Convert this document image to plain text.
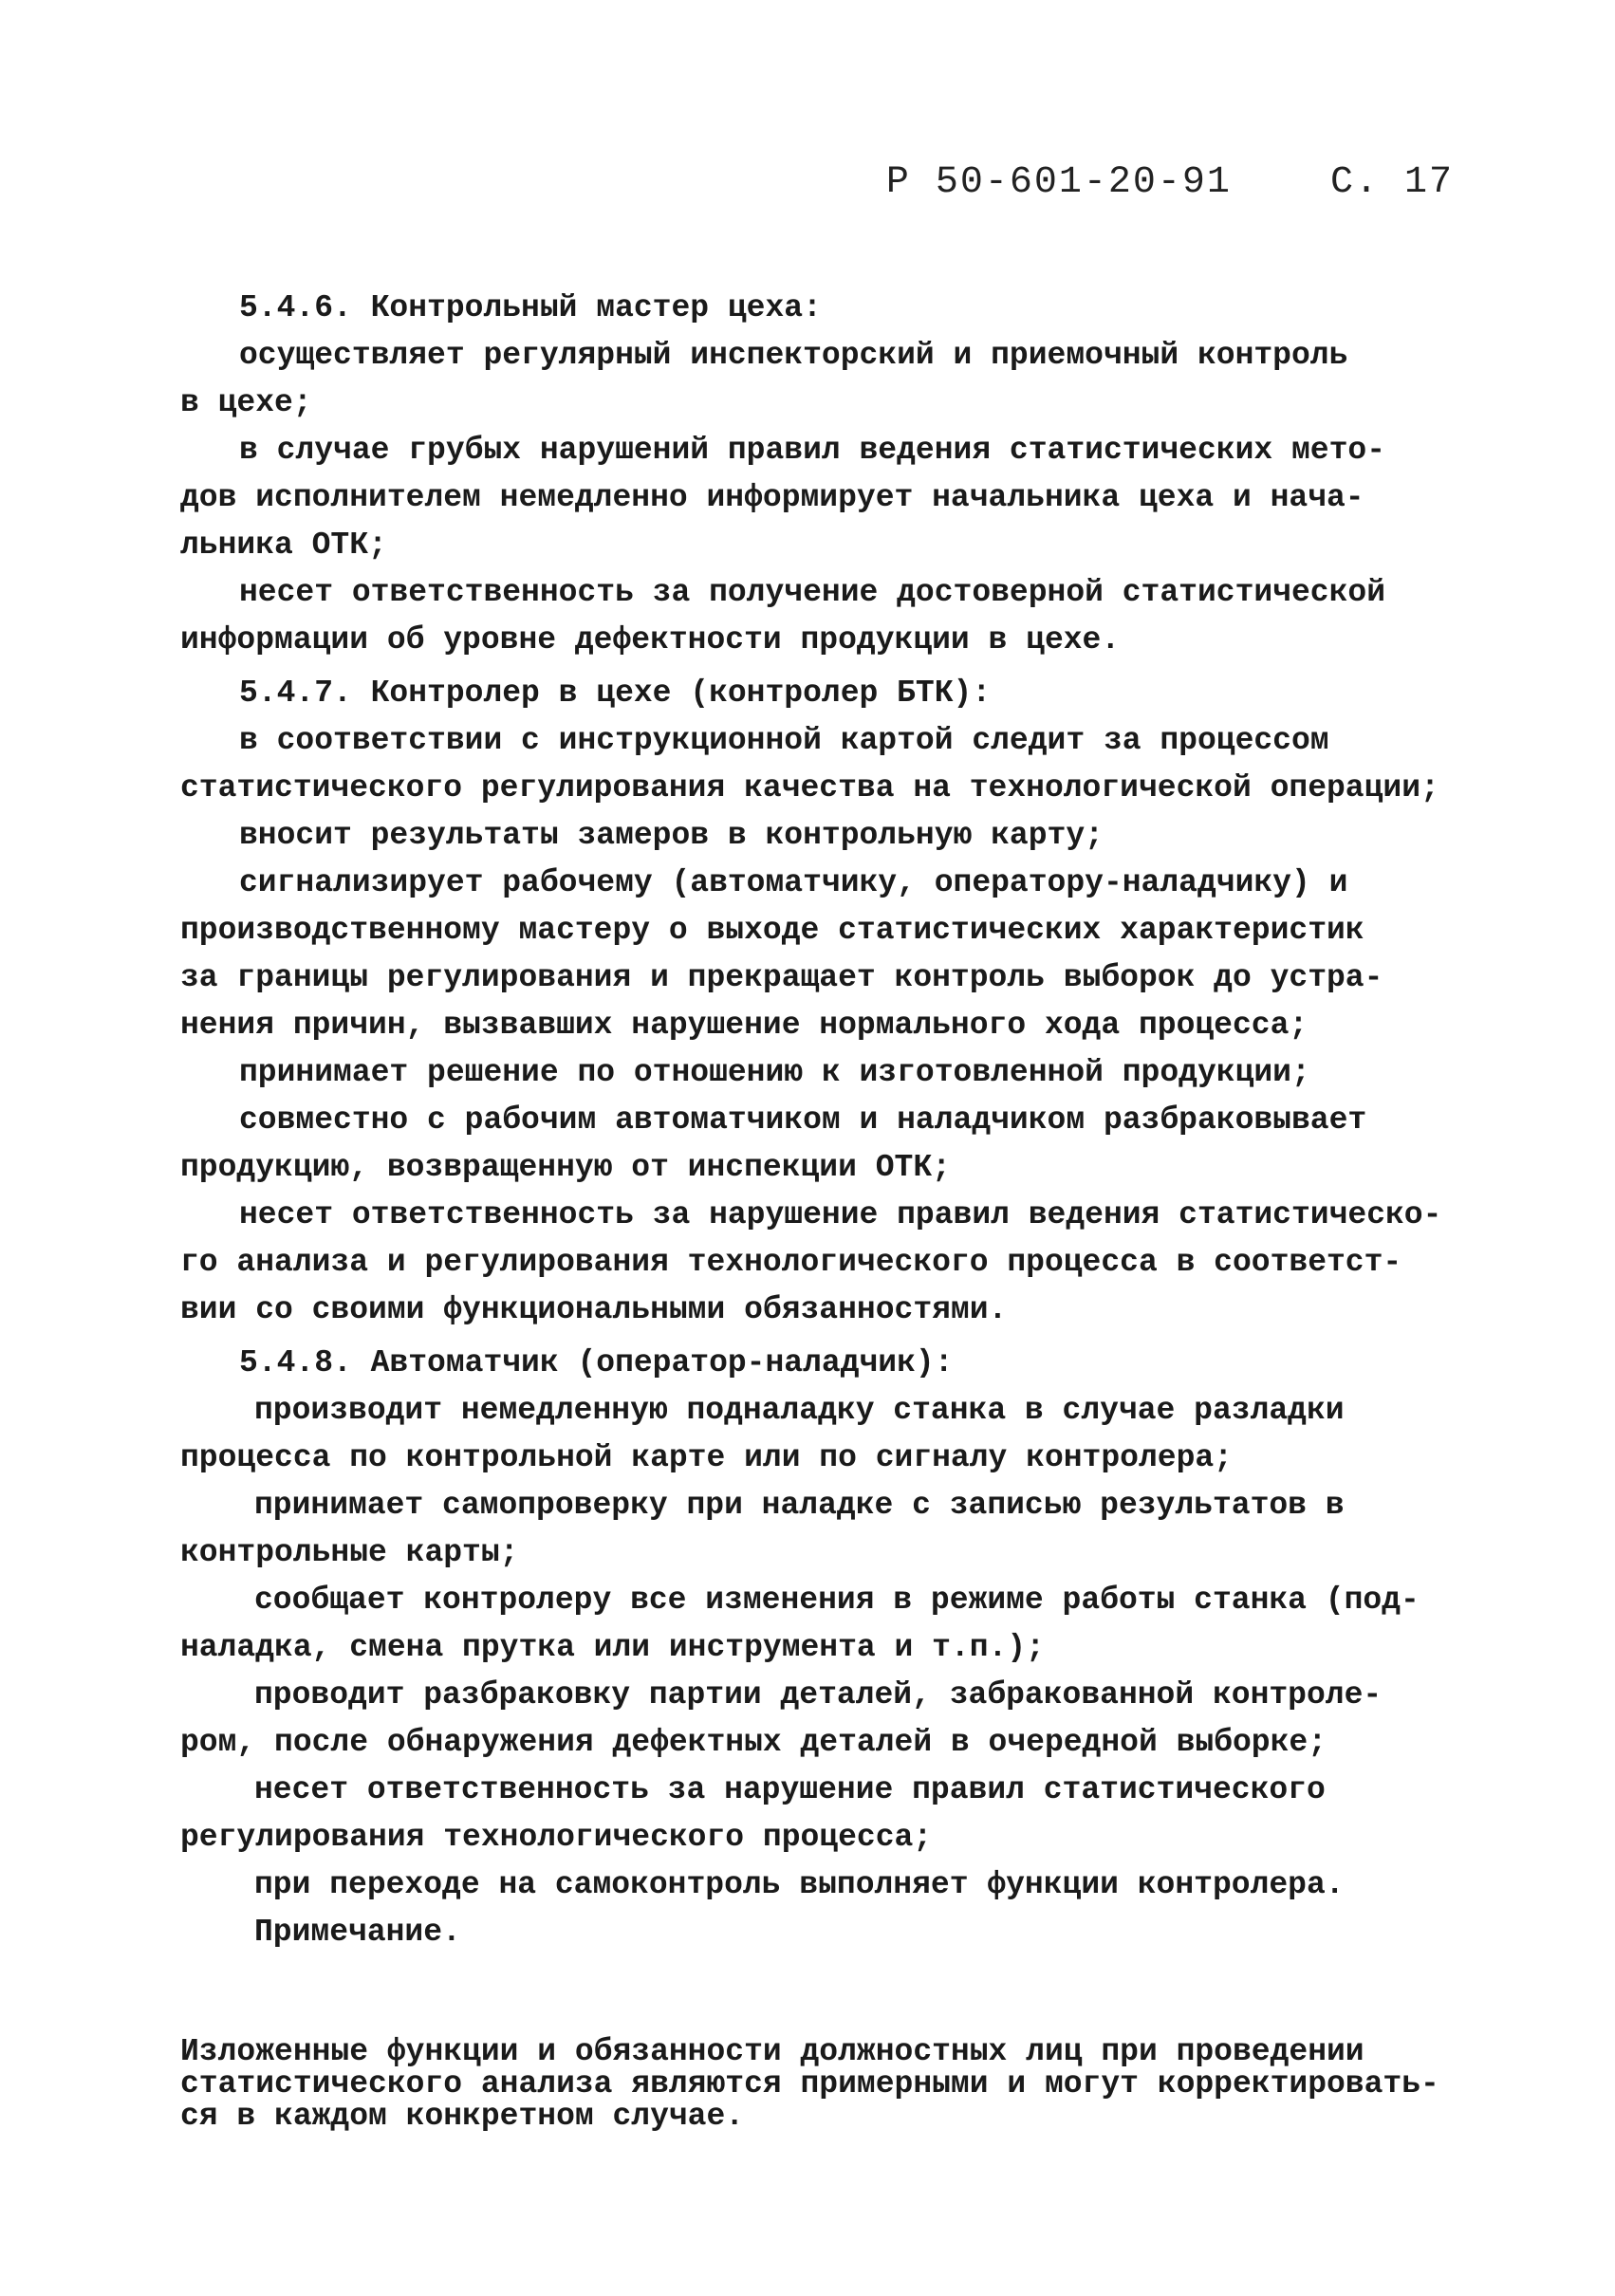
Р 50-601-20-91	С. 17
5.4.6. Контрольный мастер цеха:
осуществляет регулярный инспекторский и приемочный контроль
в цехе;
в случае грубых нарушений правил ведения статистических мето-
дов исполнителем немедленно информирует начальника цеха и нача-
льника ОТК;
несет ответственность за получение достоверной статистической
информации об уровне дефектности продукции в цехе.
5.4.7. Контролер в цехе (контролер БТК):
в соответствии с инструкционной картой следит за процессом
статистического регулирования качества на технологической операции;
вносит результаты замеров в контрольную карту;
сигнализирует рабочему (автоматчику, оператору-наладчику) и
производственному мастеру о выходе статистических характеристик
за границы регулирования и прекращает контроль выборок до устра-
нения причин, вызвавших нарушение нормального хода процесса;
принимает решение по отношению к изготовленной продукции;
совместно с рабочим автоматчиком и наладчиком разбраковывает
продукцию, возвращенную от инспекции ОТК;
несет ответственность за нарушение правил ведения статистическо-
го анализа и регулирования технологического процесса в соответст-
вии со своими функциональными обязанностями.
5.4.8. Автоматчик (оператор-наладчик):
производит немедленную подналадку станка в случае разладки
процесса по контрольной карте или по сигналу контролера;
принимает самопроверку при наладке с записью результатов в
контрольные карты;
сообщает контролеру все изменения в режиме работы станка (под-
наладка, смена прутка или инструмента и т.п.);
проводит разбраковку партии деталей, забракованной контроле-
ром, после обнаружения дефектных деталей в очередной выборке;
несет ответственность за нарушение правил статистического
регулирования технологического процесса;
при переходе на самоконтроль выполняет функции контролера.
Примечание.
Изложенные функции и обязанности должностных лиц при проведении
статистического анализа являются примерными и могут корректировать-
ся в каждом конкретном случае.
